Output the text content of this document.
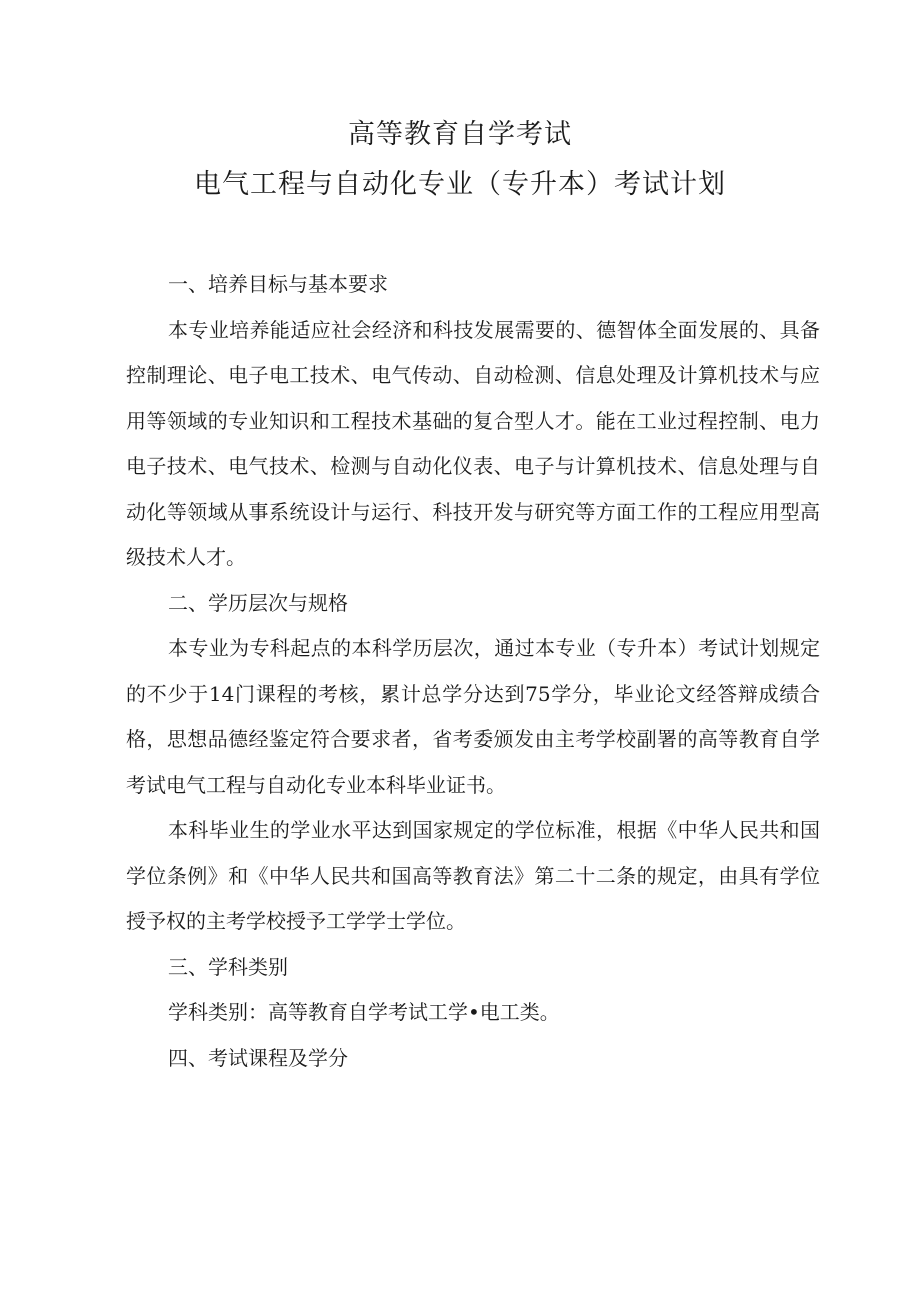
高等教育自学考试
电气工程与自动化专业（专升本）考试计划

一、培养目标与基本要求

本专业培养能适应社会经济和科技发展需要的、德智体全面发展的、具备控制理论、电子电工技术、电气传动、自动检测、信息处理及计算机技术与应用等领域的专业知识和工程技术基础的复合型人才。能在工业过程控制、电力电子技术、电气技术、检测与自动化仪表、电子与计算机技术、信息处理与自动化等领域从事系统设计与运行、科技开发与研究等方面工作的工程应用型高级技术人才。

二、学历层次与规格

本专业为专科起点的本科学历层次，通过本专业（专升本）考试计划规定的不少于14门课程的考核，累计总学分达到75学分，毕业论文经答辩成绩合格，思想品德经鉴定符合要求者，省考委颁发由主考学校副署的高等教育自学考试电气工程与自动化专业本科毕业证书。

本科毕业生的学业水平达到国家规定的学位标准，根据《中华人民共和国学位条例》和《中华人民共和国高等教育法》第二十二条的规定，由具有学位授予权的主考学校授予工学学士学位。

三、学科类别

学科类别：高等教育自学考试工学•电工类。

四、考试课程及学分
